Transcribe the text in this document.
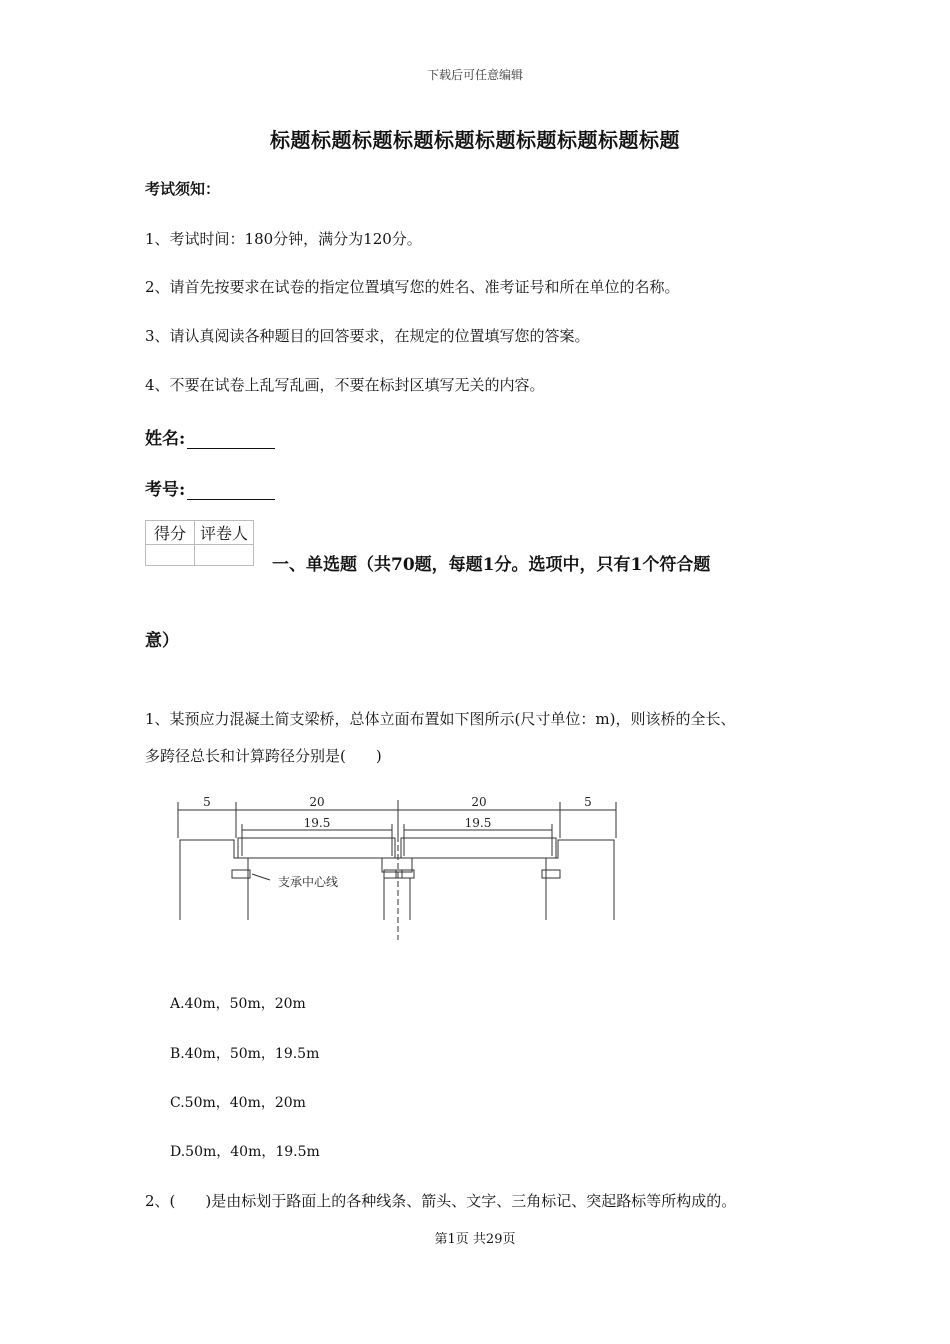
下载后可任意编辑
标题标题标题标题标题标题标题标题标题标题
考试须知：
1、考试时间：180分钟，满分为120分。
2、请首先按要求在试卷的指定位置填写您的姓名、准考证号和所在单位的名称。
3、请认真阅读各种题目的回答要求，在规定的位置填写您的答案。
4、不要在试卷上乱写乱画，不要在标封区填写无关的内容。
姓名:
考号:
得分	评卷人

一、单选题（共70题，每题1分。选项中，只有1个符合题
意）
1、某预应力混凝土简支梁桥，总体立面布置如下图所示(尺寸单位：m)，则该桥的全长、
多跨径总长和计算跨径分别是(　　)
5	20	20	5
19.5	19.5
支承中心线
A.40m，50m，20m
B.40m，50m，19.5m
C.50m，40m，20m
D.50m，40m，19.5m
2、(　　)是由标划于路面上的各种线条、箭头、文字、三角标记、突起路标等所构成的。
第1页 共29页
